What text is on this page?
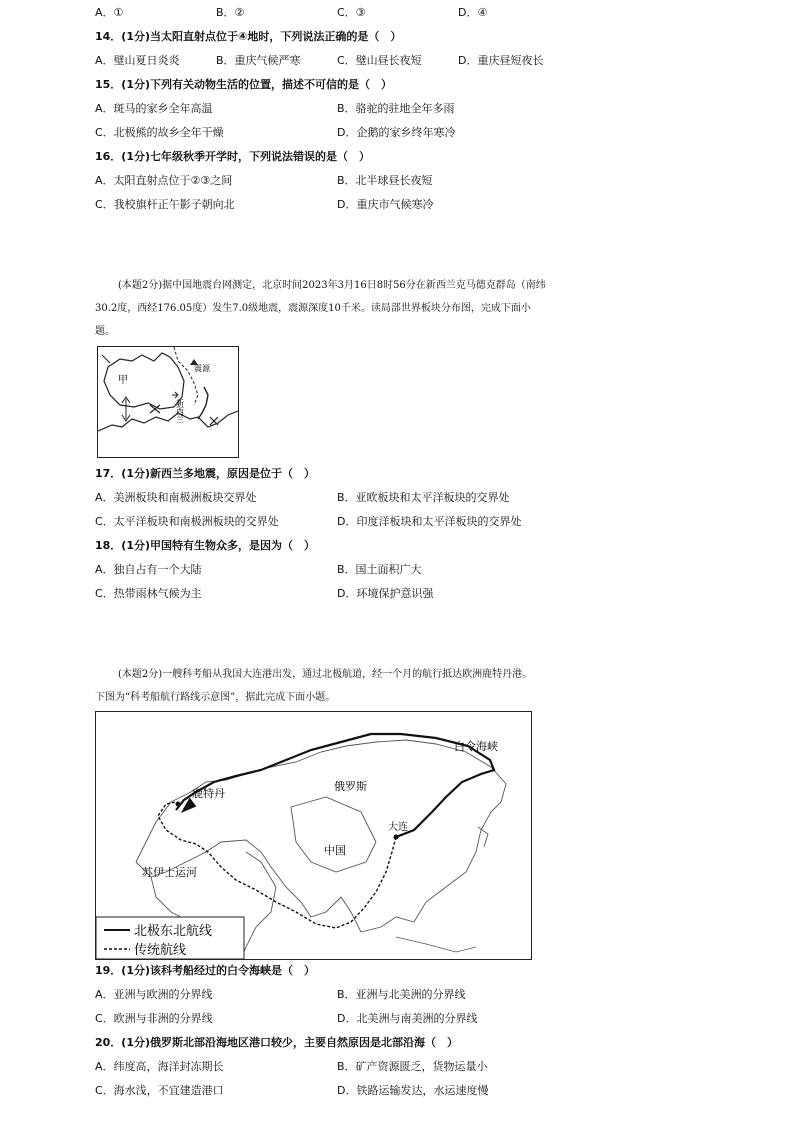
A．①	B．②	C．③	D．④
14．(1分)当太阳直射点位于④地时，下列说法正确的是（　）
A．璧山夏日炎炎	B．重庆气候严寒	C．璧山昼长夜短	D．重庆昼短夜长
15．(1分)下列有关动物生活的位置，描述不可信的是（　）
A．斑马的家乡全年高温	B．骆驼的驻地全年多雨
C．北极熊的故乡全年干燥	D．企鹅的家乡终年寒冷
16．(1分)七年级秋季开学时，下列说法错误的是（　）
A．太阳直射点位于②③之间	B．北半球昼长夜短
C．我校旗杆正午影子朝向北	D．重庆市气候寒冷
(本题2分)据中国地震台网测定，北京时间2023年3月16日8时56分在新西兰克马德克群岛（南纬
30.2度，西经176.05度）发生7.0级地震，震源深度10千米。读局部世界板块分布图，完成下面小
题。
甲
震源
新西兰
17．(1分)新西兰多地震，原因是位于（　）
A．美洲板块和南极洲板块交界处	B．亚欧板块和太平洋板块的交界处
C．太平洋板块和南极洲板块的交界处	D．印度洋板块和太平洋板块的交界处
18．(1分)甲国特有生物众多，是因为（　）
A．独自占有一个大陆	B．国土面积广大
C．热带雨林气候为主	D．环境保护意识强
(本题2分)一艘科考船从我国大连港出发，通过北极航道，经一个月的航行抵达欧洲鹿特丹港。
下图为“科考船航行路线示意图”，据此完成下面小题。
白令海峡
鹿特丹
俄罗斯
大连
中国
苏伊士运河
北极东北航线
传统航线
19．(1分)该科考船经过的白令海峡是（　）
A．亚洲与欧洲的分界线	B．亚洲与北美洲的分界线
C．欧洲与非洲的分界线	D．北美洲与南美洲的分界线
20．(1分)俄罗斯北部沿海地区港口较少，主要自然原因是北部沿海（　）
A．纬度高，海洋封冻期长	B．矿产资源匮乏，货物运量小
C．海水浅，不宜建造港口	D．铁路运输发达，水运速度慢
